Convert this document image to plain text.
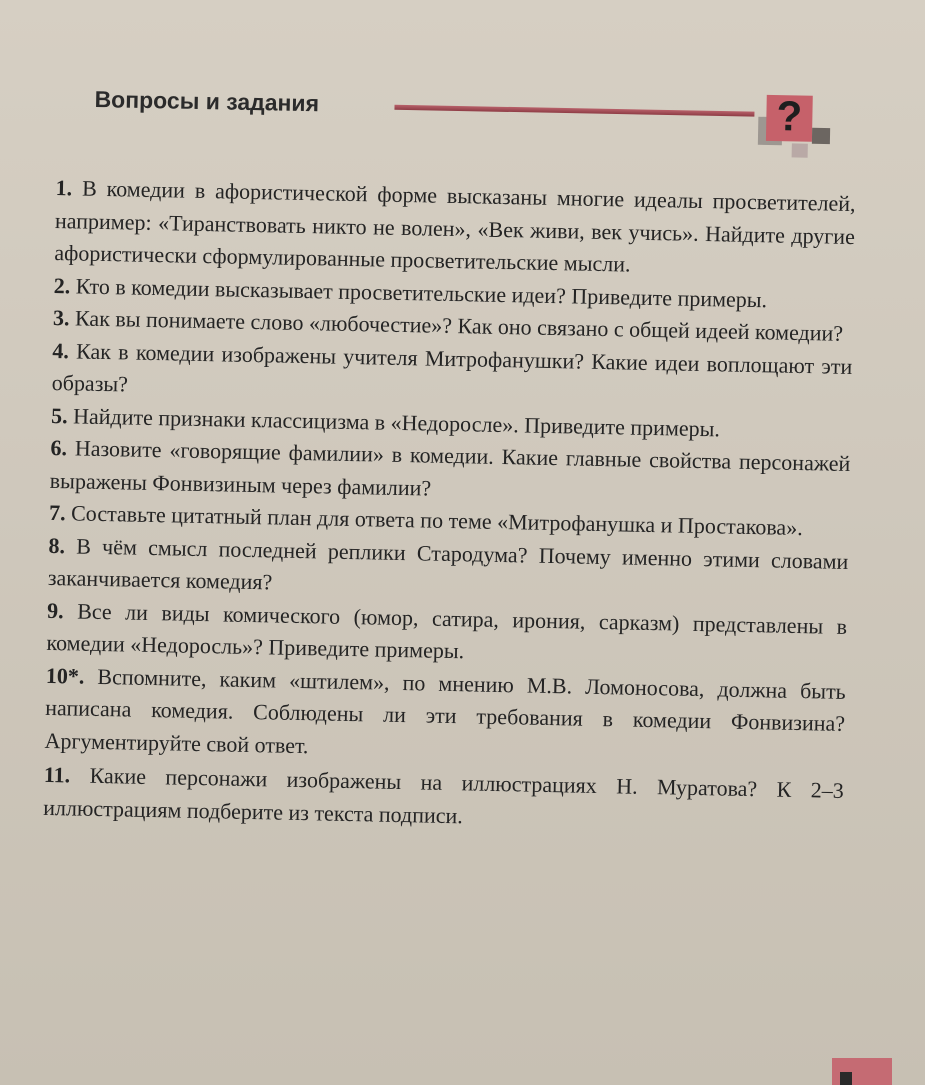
Вопросы и задания	?

1. В комедии в афористической форме высказаны многие идеалы просветителей, например: «Тиранствовать никто не волен», «Век живи, век учись». Найдите другие афористически сформулированные просветительские мысли.

2. Кто в комедии высказывает просветительские идеи? Приведите примеры.

3. Как вы понимаете слово «любочестие»? Как оно связано с общей идеей комедии?

4. Как в комедии изображены учителя Митрофанушки? Какие идеи воплощают эти образы?

5. Найдите признаки классицизма в «Недоросле». Приведите примеры.

6. Назовите «говорящие фамилии» в комедии. Какие главные свойства персонажей выражены Фонвизиным через фамилии?

7. Составьте цитатный план для ответа по теме «Митрофанушка и Простакова».

8. В чём смысл последней реплики Стародума? Почему именно этими словами заканчивается комедия?

9. Все ли виды комического (юмор, сатира, ирония, сарказм) представлены в комедии «Недоросль»? Приведите примеры.

10*. Вспомните, каким «штилем», по мнению М.В. Ломоносова, должна быть написана комедия. Соблюдены ли эти требования в комедии Фонвизина? Аргументируйте свой ответ.

11. Какие персонажи изображены на иллюстрациях Н. Муратова? К 2–3 иллюстрациям подберите из текста подписи.
